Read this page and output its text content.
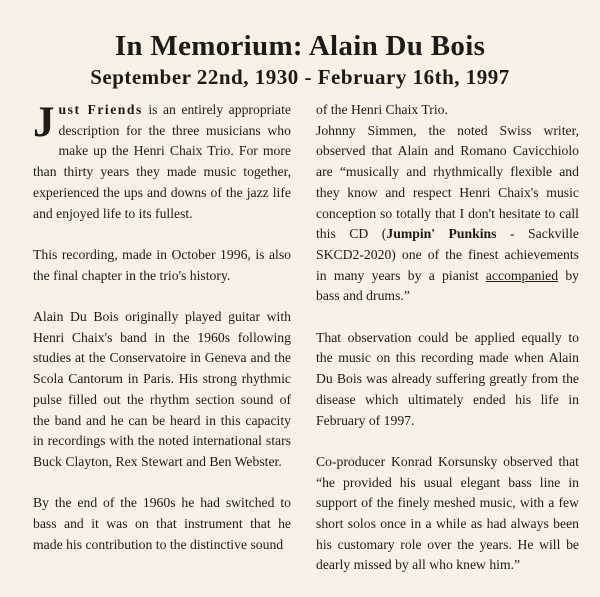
In Memorium: Alain Du Bois
September 22nd, 1930 - February 16th, 1997

Just Friends is an entirely appropriate description for the three musicians who make up the Henri Chaix Trio. For more than thirty years they made music together, experienced the ups and downs of the jazz life and enjoyed life to its fullest.

This recording, made in October 1996, is also the final chapter in the trio's history.

Alain Du Bois originally played guitar with Henri Chaix's band in the 1960s following studies at the Conservatoire in Geneva and the Scola Cantorum in Paris. His strong rhythmic pulse filled out the rhythm section sound of the band and he can be heard in this capacity in recordings with the noted international stars Buck Clayton, Rex Stewart and Ben Webster.

By the end of the 1960s he had switched to bass and it was on that instrument that he made his contribution to the distinctive sound

of the Henri Chaix Trio.

Johnny Simmen, the noted Swiss writer, observed that Alain and Romano Cavicchiolo are “musically and rhythmically flexible and they know and respect Henri Chaix's music conception so totally that I don't hesitate to call this CD (Jumpin' Punkins - Sackville SKCD2-2020) one of the finest achievements in many years by a pianist accompanied by bass and drums.”

That observation could be applied equally to the music on this recording made when Alain Du Bois was already suffering greatly from the disease which ultimately ended his life in February of 1997.

Co-producer Konrad Korsunsky observed that “he provided his usual elegant bass line in support of the finely meshed music, with a few short solos once in a while as had always been his customary role over the years. He will be dearly missed by all who knew him.”
